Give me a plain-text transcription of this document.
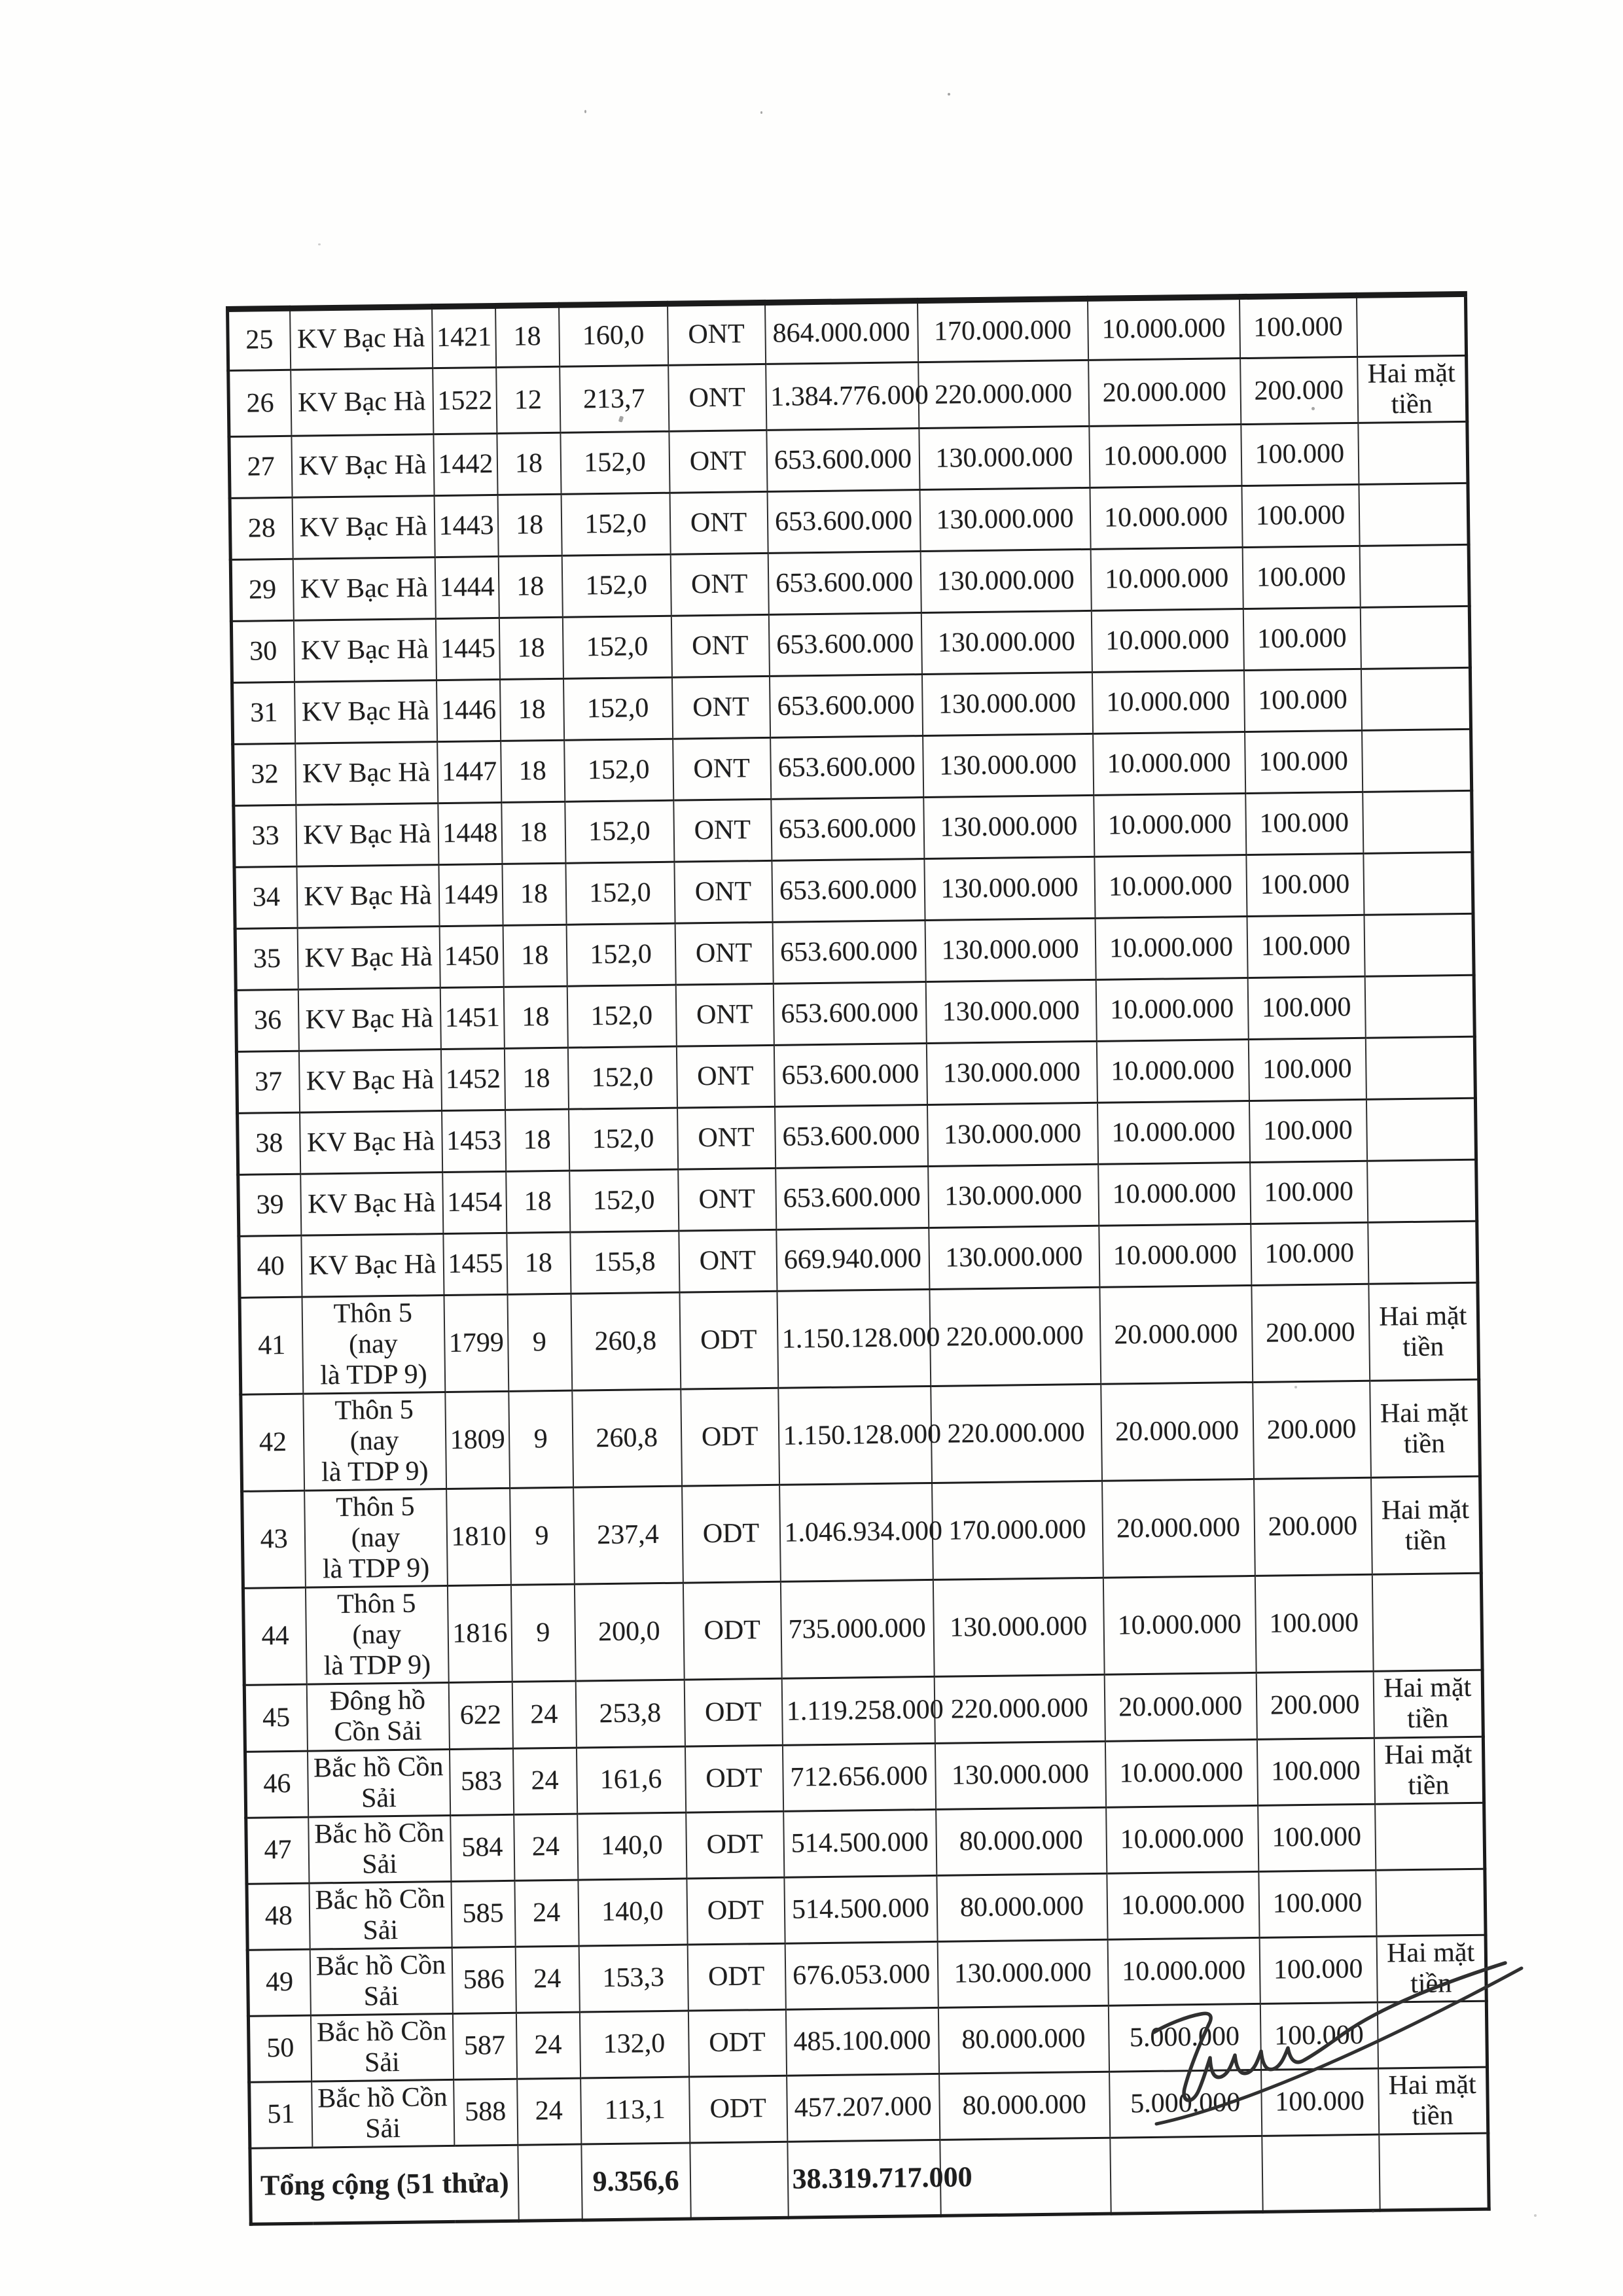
25	KV Bạc Hà	1421	18	160,0	ONT	864.000.000	170.000.000	10.000.000	100.000	
26	KV Bạc Hà	1522	12	213,7	ONT	1.384.776.000	220.000.000	20.000.000	200.000	Hai mặt
tiền
27	KV Bạc Hà	1442	18	152,0	ONT	653.600.000	130.000.000	10.000.000	100.000	
28	KV Bạc Hà	1443	18	152,0	ONT	653.600.000	130.000.000	10.000.000	100.000	
29	KV Bạc Hà	1444	18	152,0	ONT	653.600.000	130.000.000	10.000.000	100.000	
30	KV Bạc Hà	1445	18	152,0	ONT	653.600.000	130.000.000	10.000.000	100.000	
31	KV Bạc Hà	1446	18	152,0	ONT	653.600.000	130.000.000	10.000.000	100.000	
32	KV Bạc Hà	1447	18	152,0	ONT	653.600.000	130.000.000	10.000.000	100.000	
33	KV Bạc Hà	1448	18	152,0	ONT	653.600.000	130.000.000	10.000.000	100.000	
34	KV Bạc Hà	1449	18	152,0	ONT	653.600.000	130.000.000	10.000.000	100.000	
35	KV Bạc Hà	1450	18	152,0	ONT	653.600.000	130.000.000	10.000.000	100.000	
36	KV Bạc Hà	1451	18	152,0	ONT	653.600.000	130.000.000	10.000.000	100.000	
37	KV Bạc Hà	1452	18	152,0	ONT	653.600.000	130.000.000	10.000.000	100.000	
38	KV Bạc Hà	1453	18	152,0	ONT	653.600.000	130.000.000	10.000.000	100.000	
39	KV Bạc Hà	1454	18	152,0	ONT	653.600.000	130.000.000	10.000.000	100.000	
40	KV Bạc Hà	1455	18	155,8	ONT	669.940.000	130.000.000	10.000.000	100.000	
41	Thôn 5 (nay
là TDP 9)	1799	9	260,8	ODT	1.150.128.000	220.000.000	20.000.000	200.000	Hai mặt
tiền
42	Thôn 5 (nay
là TDP 9)	1809	9	260,8	ODT	1.150.128.000	220.000.000	20.000.000	200.000	Hai mặt
tiền
43	Thôn 5 (nay
là TDP 9)	1810	9	237,4	ODT	1.046.934.000	170.000.000	20.000.000	200.000	Hai mặt
tiền
44	Thôn 5 (nay
là TDP 9)	1816	9	200,0	ODT	735.000.000	130.000.000	10.000.000	100.000	
45	Đông hồ
Cồn Sải	622	24	253,8	ODT	1.119.258.000	220.000.000	20.000.000	200.000	Hai mặt
tiền
46	Bắc hồ Cồn
Sải	583	24	161,6	ODT	712.656.000	130.000.000	10.000.000	100.000	Hai mặt
tiền
47	Bắc hồ Cồn
Sải	584	24	140,0	ODT	514.500.000	80.000.000	10.000.000	100.000	
48	Bắc hồ Cồn
Sải	585	24	140,0	ODT	514.500.000	80.000.000	10.000.000	100.000	
49	Bắc hồ Cồn
Sải	586	24	153,3	ODT	676.053.000	130.000.000	10.000.000	100.000	Hai mặt
tiền
50	Bắc hồ Cồn
Sải	587	24	132,0	ODT	485.100.000	80.000.000	5.000.000	100.000	
51	Bắc hồ Cồn
Sải	588	24	113,1	ODT	457.207.000	80.000.000	5.000.000	100.000	Hai mặt
tiền
Tổng cộng (51 thửa)				9.356,6		38.319.717.000				
